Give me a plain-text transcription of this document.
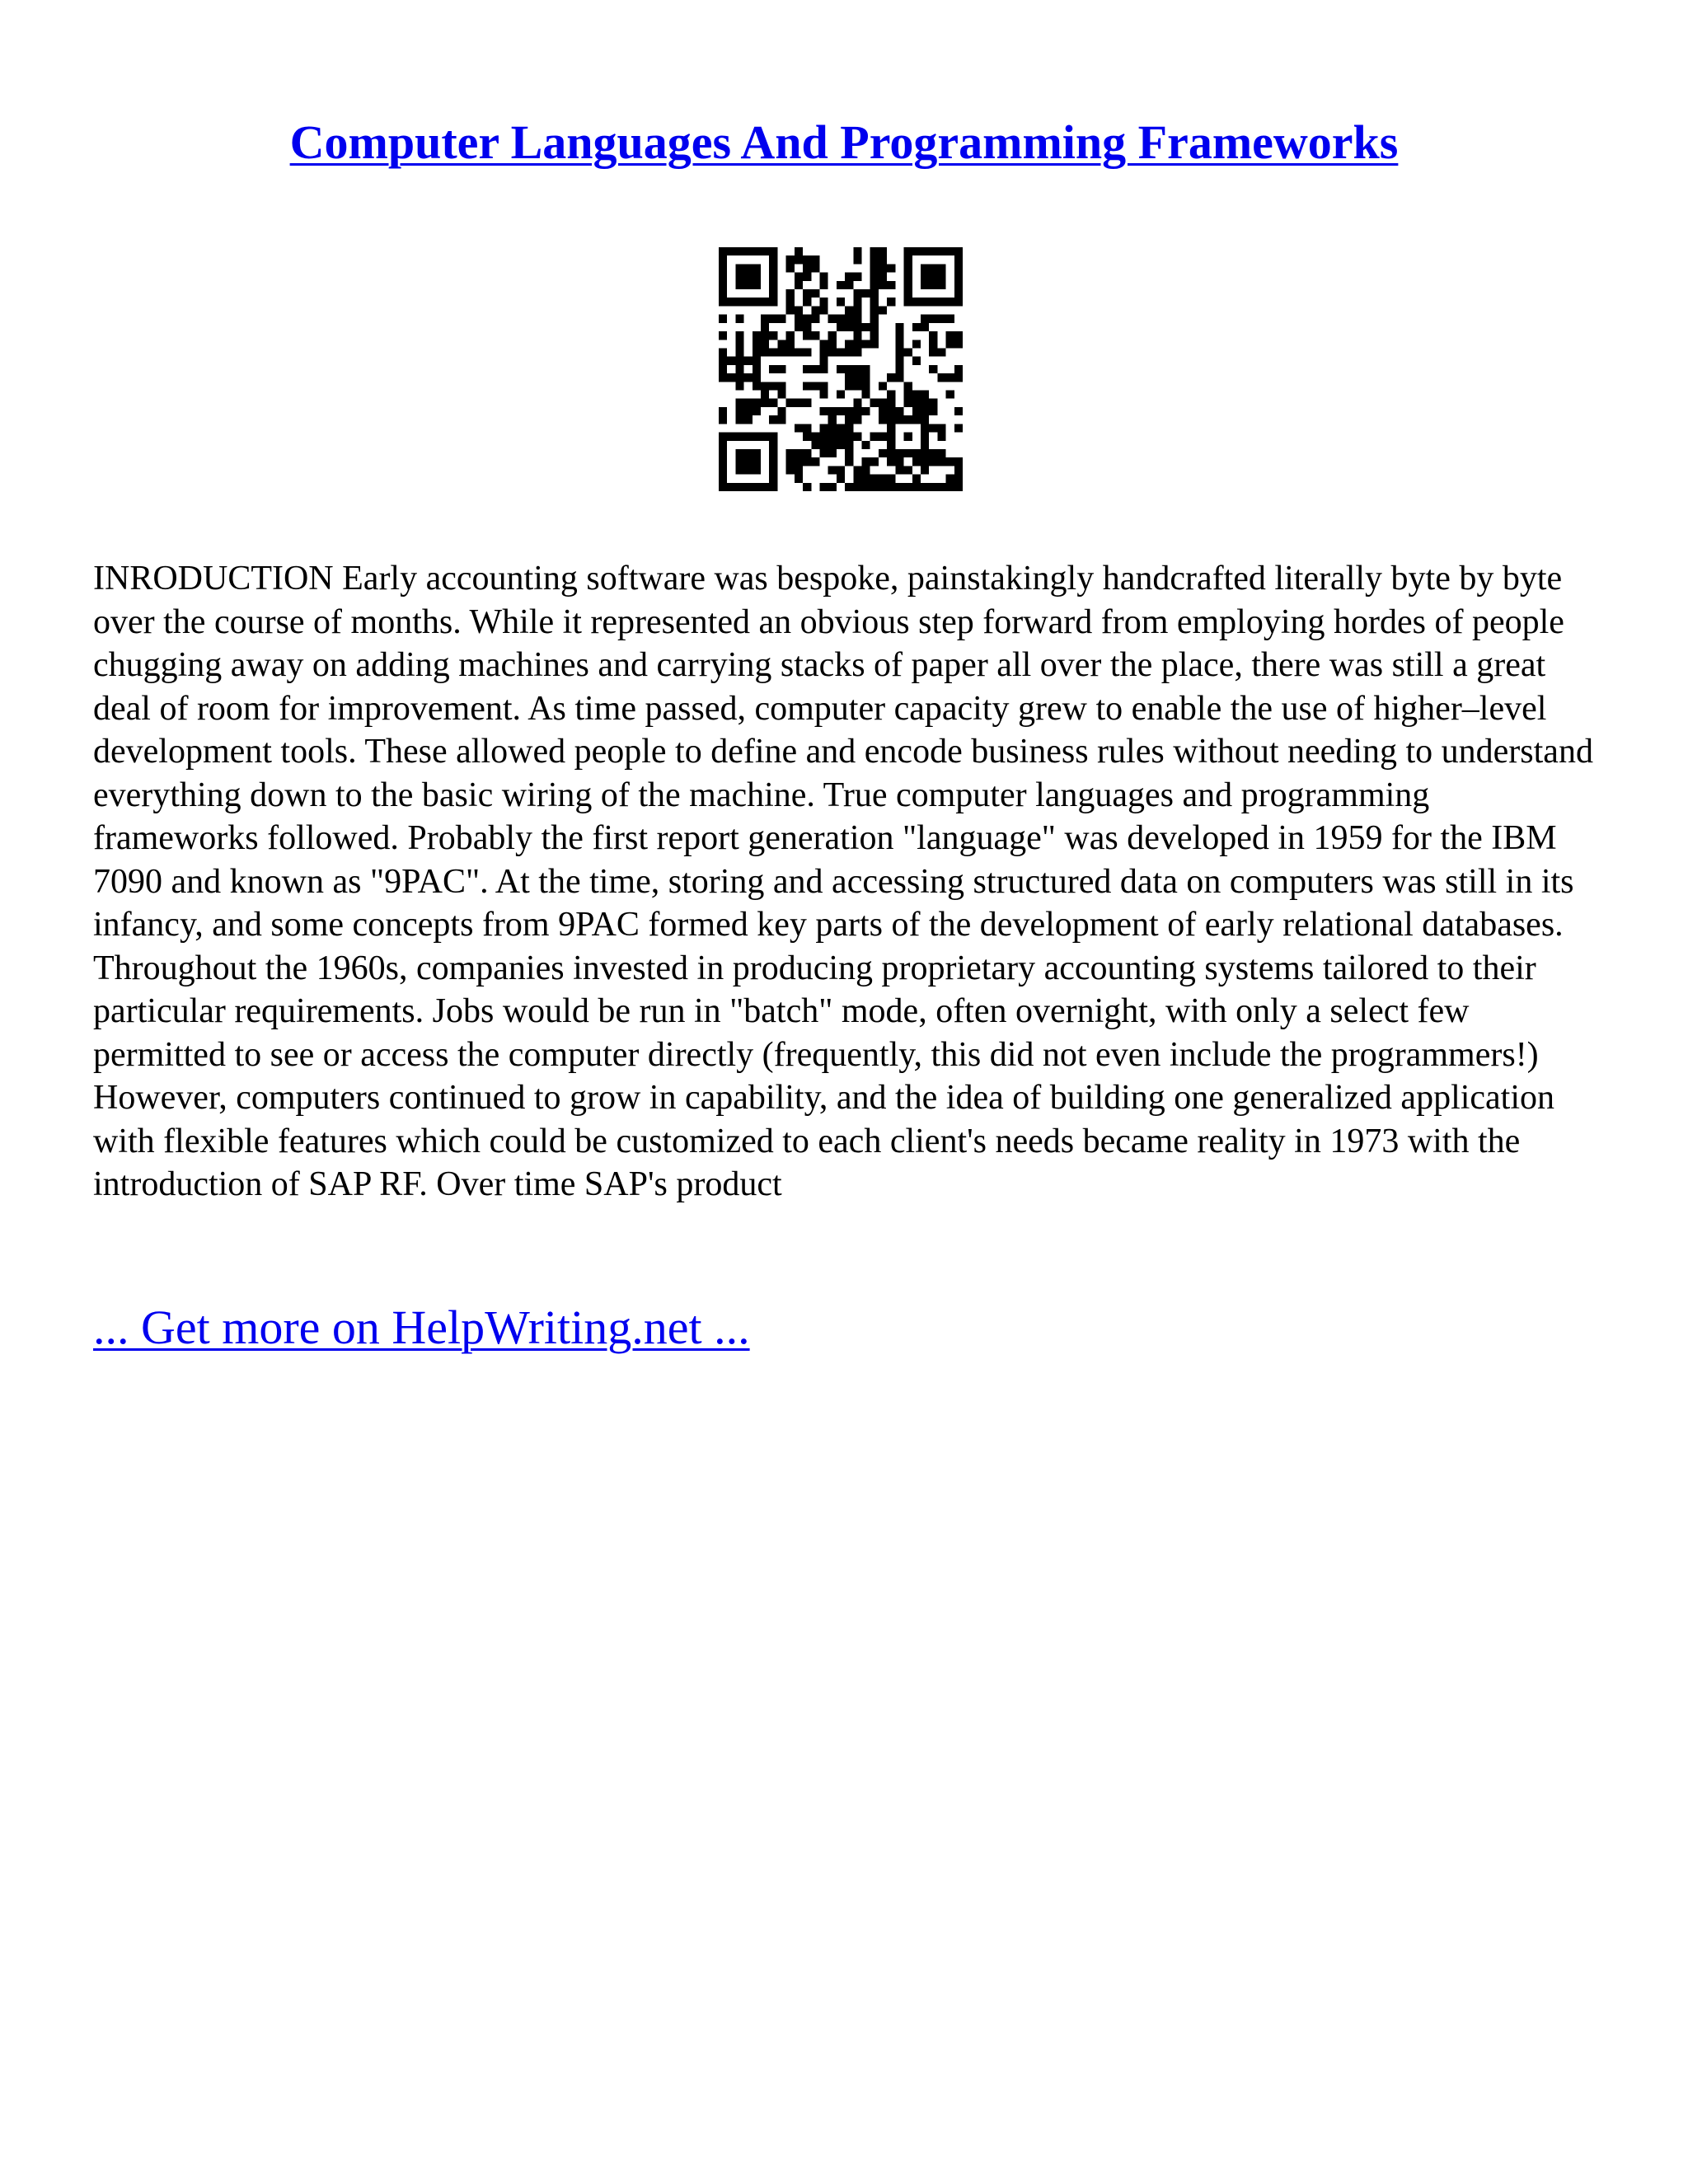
Computer Languages And Programming Frameworks

INRODUCTION Early accounting software was bespoke, painstakingly handcrafted literally byte by byte over the course of months. While it represented an obvious step forward from employing hordes of people chugging away on adding machines and carrying stacks of paper all over the place, there was still a great deal of room for improvement. As time passed, computer capacity grew to enable the use of higher–level development tools. These allowed people to define and encode business rules without needing to understand everything down to the basic wiring of the machine. True computer languages and programming frameworks followed. Probably the first report generation "language" was developed in 1959 for the IBM 7090 and known as "9PAC". At the time, storing and accessing structured data on computers was still in its infancy, and some concepts from 9PAC formed key parts of the development of early relational databases. Throughout the 1960s, companies invested in producing proprietary accounting systems tailored to their particular requirements. Jobs would be run in "batch" mode, often overnight, with only a select few permitted to see or access the computer directly (frequently, this did not even include the programmers!) However, computers continued to grow in capability, and the idea of building one generalized application with flexible features which could be customized to each client's needs became reality in 1973 with the introduction of SAP RF. Over time SAP's product

... Get more on HelpWriting.net ...
